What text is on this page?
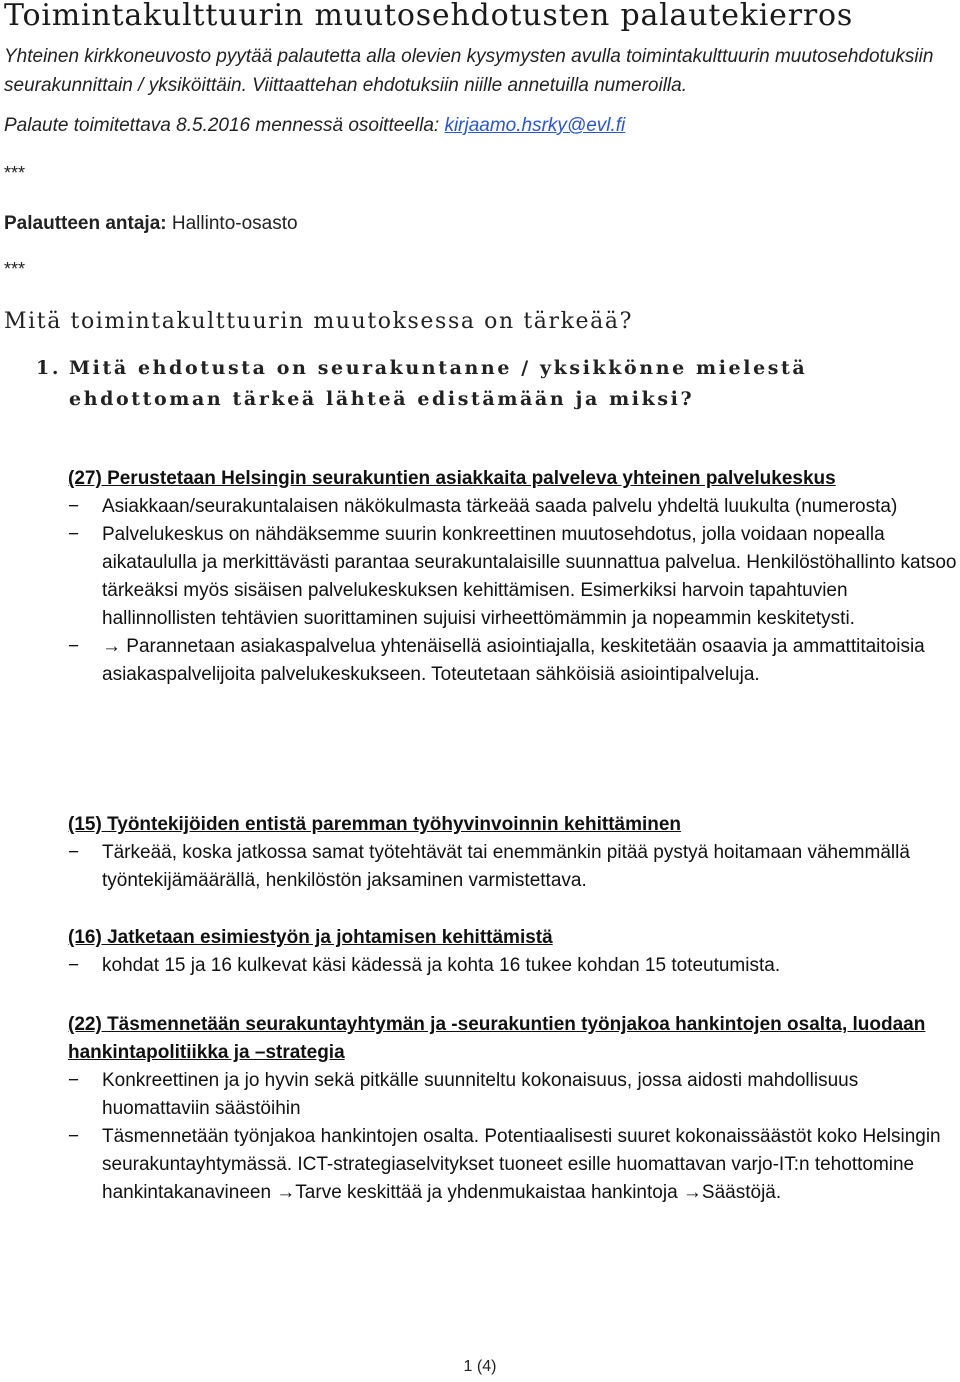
Toimintakulttuurin muutosehdotusten palautekierros
Yhteinen kirkkoneuvosto pyytää palautetta alla olevien kysymysten avulla toimintakulttuurin muutosehdotuksiin seurakunnittain / yksiköittäin. Viittaattehan ehdotuksiin niille annetuilla numeroilla.
Palaute toimitettava 8.5.2016 mennessä osoitteella: kirjaamo.hsrky@evl.fi
***
Palautteen antaja: Hallinto-osasto
***
Mitä toimintakulttuurin muutoksessa on tärkeää?
1. Mitä ehdotusta on seurakuntanne / yksikkönne mielestä ehdottoman tärkeä lähteä edistämään ja miksi?
(27) Perustetaan Helsingin seurakuntien asiakkaita palveleva yhteinen palvelukeskus
− Asiakkaan/seurakuntalaisen näkökulmasta tärkeää saada palvelu yhdeltä luukulta (numerosta)
− Palvelukeskus on nähdäksemme suurin konkreettinen muutosehdotus, jolla voidaan nopealla aikataululla ja merkittävästi parantaa seurakuntalaisille suunnattua palvelua. Henkilöstöhallinto katsoo tärkeäksi myös sisäisen palvelukeskuksen kehittämisen. Esimerkiksi harvoin tapahtuvien hallinnollisten tehtävien suorittaminen sujuisi virheettömämmin ja nopeammin keskitetysti.
− → Parannetaan asiakaspalvelua yhtenäisellä asiointiajalla, keskitetään osaavia ja ammattitaitoisia asiakaspalvelijoita palvelukeskukseen. Toteutetaan sähköisiä asiointipalveluja.
(15) Työntekijöiden entistä paremman työhyvinvoinnin kehittäminen
− Tärkeää, koska jatkossa samat työtehtävät tai enemmänkin pitää pystyä hoitamaan vähemmällä työntekijämäärällä, henkilöstön jaksaminen varmistettava.
(16) Jatketaan esimiestyön ja johtamisen kehittämistä
− kohdat 15 ja 16 kulkevat käsi kädessä ja kohta 16 tukee kohdan 15 toteutumista.
(22) Täsmennetään seurakuntayhtymän ja -seurakuntien työnjakoa hankintojen osalta, luodaan hankintapolitiikka ja –strategia
− Konkreettinen ja jo hyvin sekä pitkälle suunniteltu kokonaisuus, jossa aidosti mahdollisuus huomattaviin säästöihin
− Täsmennetään työnjakoa hankintojen osalta. Potentiaalisesti suuret kokonaissäästöt koko Helsingin seurakuntayhtymässä. ICT-strategiaselvitykset tuoneet esille huomattavan varjo-IT:n tehottomine hankintakanavineen →Tarve keskittää ja yhdenmukaistaa hankintoja →Säästöjä.
1 (4)
